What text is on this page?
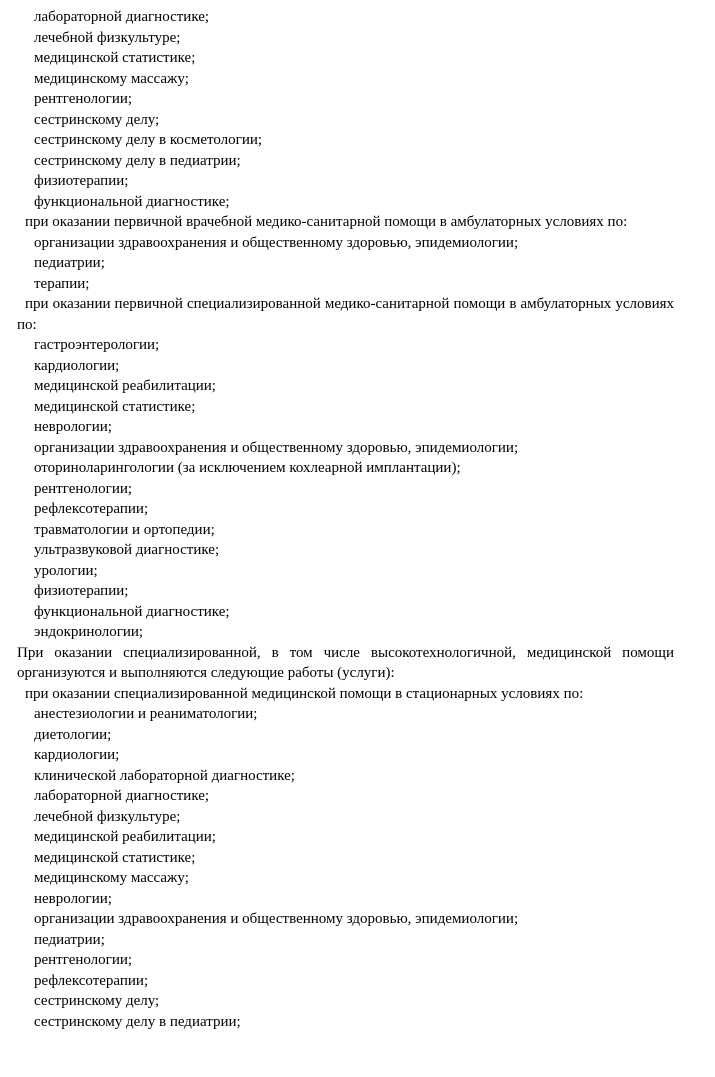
лабораторной диагностике;
лечебной физкультуре;
медицинской статистике;
медицинскому массажу;
рентгенологии;
сестринскому делу;
сестринскому делу в косметологии;
сестринскому делу в педиатрии;
физиотерапии;
функциональной диагностике;

при оказании первичной врачебной медико-санитарной помощи в амбулаторных условиях по:

организации здравоохранения и общественному здоровью, эпидемиологии;
педиатрии;
терапии;

при оказании первичной специализированной медико-санитарной помощи в амбулаторных условиях по:

гастроэнтерологии;
кардиологии;
медицинской реабилитации;
медицинской статистике;
неврологии;
организации здравоохранения и общественному здоровью, эпидемиологии;
оториноларингологии (за исключением кохлеарной имплантации);
рентгенологии;
рефлексотерапии;
травматологии и ортопедии;
ультразвуковой диагностике;
урологии;
физиотерапии;
функциональной диагностике;
эндокринологии;

При оказании специализированной, в том числе высокотехнологичной, медицинской помощи организуются и выполняются следующие работы (услуги):

при оказании специализированной медицинской помощи в стационарных условиях по:

анестезиологии и реаниматологии;
диетологии;
кардиологии;
клинической лабораторной диагностике;
лабораторной диагностике;
лечебной физкультуре;
медицинской реабилитации;
медицинской статистике;
медицинскому массажу;
неврологии;
организации здравоохранения и общественному здоровью, эпидемиологии;
педиатрии;
рентгенологии;
рефлексотерапии;
сестринскому делу;
сестринскому делу в педиатрии;
